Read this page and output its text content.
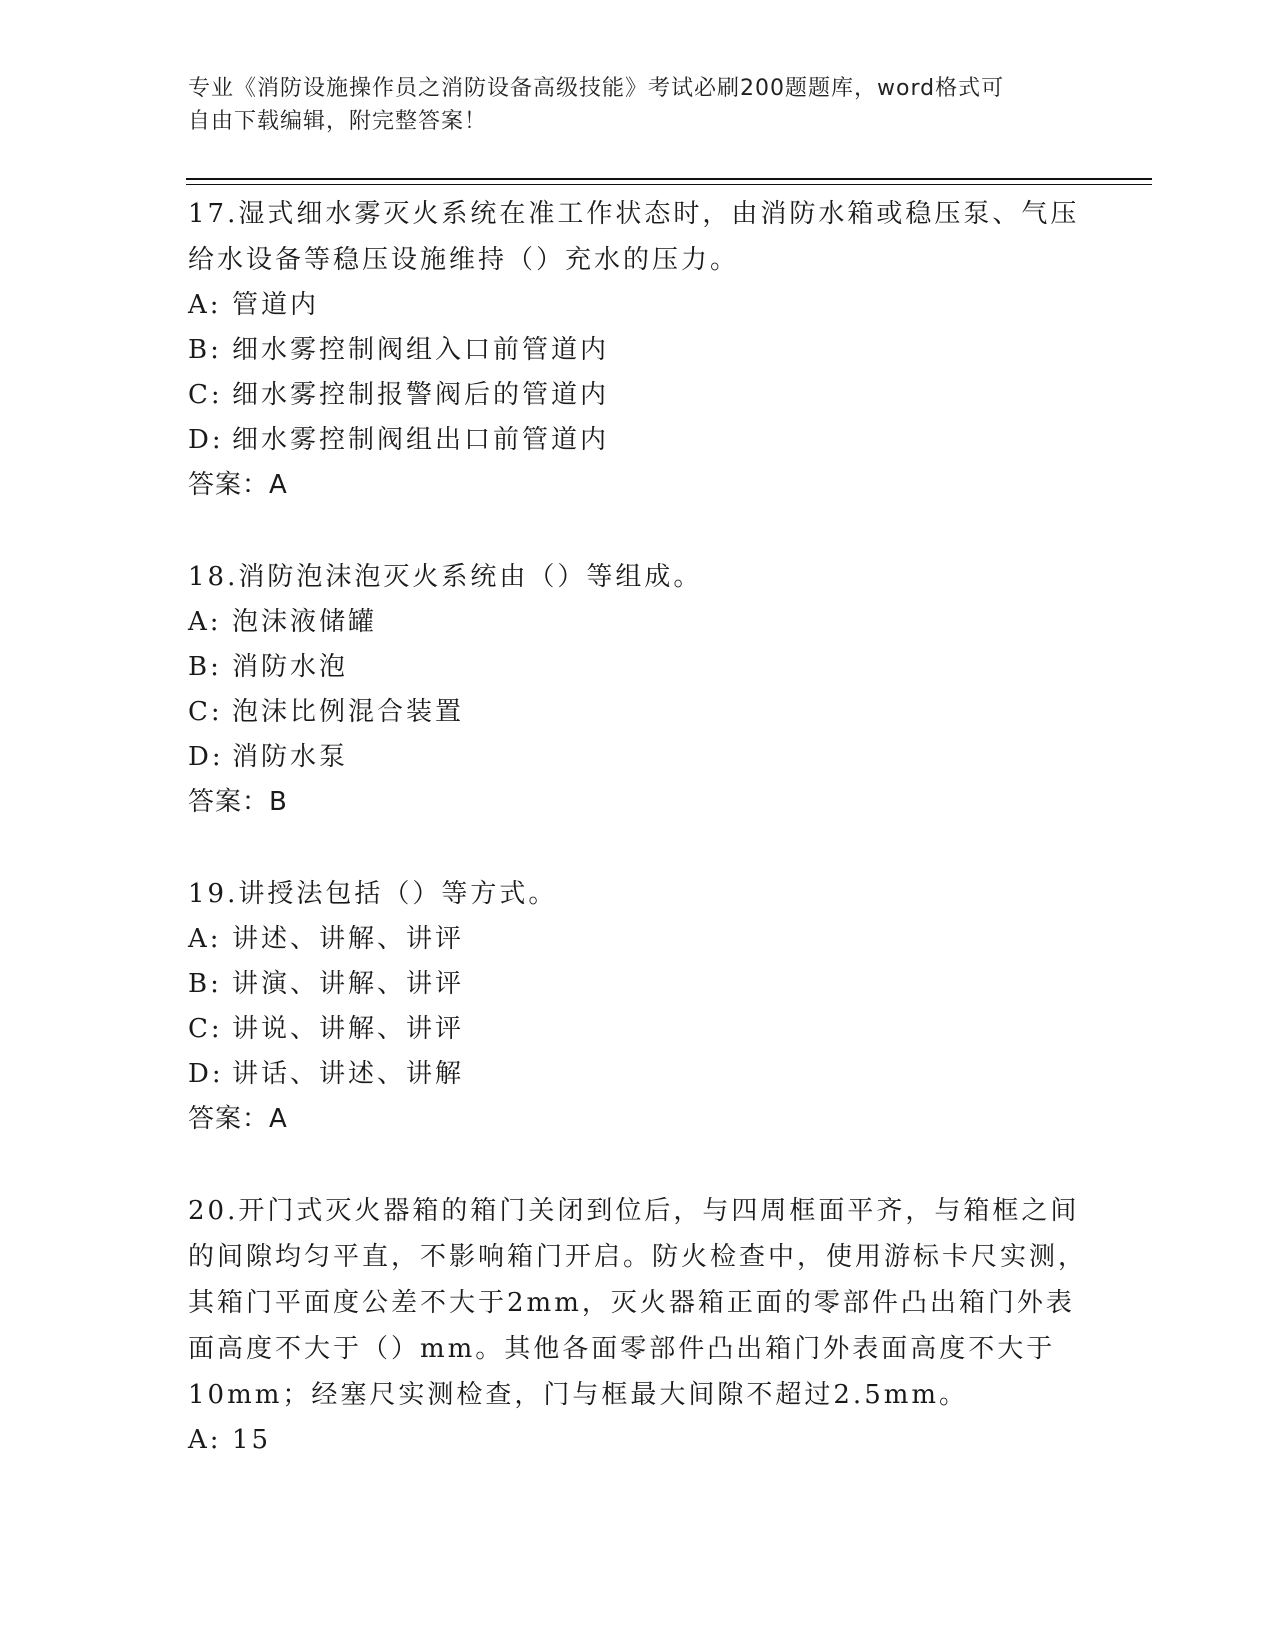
专业《消防设施操作员之消防设备高级技能》考试必刷200题题库，word格式可
自由下载编辑，附完整答案！
17.湿式细水雾灭火系统在准工作状态时，由消防水箱或稳压泵、气压给水设备等稳压设施维持（）充水的压力。
A: 管道内
B: 细水雾控制阀组入口前管道内
C: 细水雾控制报警阀后的管道内
D: 细水雾控制阀组出口前管道内
答案：A
18.消防泡沫泡灭火系统由（）等组成。
A: 泡沫液储罐
B: 消防水泡
C: 泡沫比例混合装置
D: 消防水泵
答案：B
19.讲授法包括（）等方式。
A: 讲述、讲解、讲评
B: 讲演、讲解、讲评
C: 讲说、讲解、讲评
D: 讲话、讲述、讲解
答案：A
20.开门式灭火器箱的箱门关闭到位后，与四周框面平齐，与箱框之间的间隙均匀平直，不影响箱门开启。防火检查中，使用游标卡尺实测，其箱门平面度公差不大于2mm，灭火器箱正面的零部件凸出箱门外表面高度不大于（）mm。其他各面零部件凸出箱门外表面高度不大于10mm；经塞尺实测检查，门与框最大间隙不超过2.5mm。
A: 15
